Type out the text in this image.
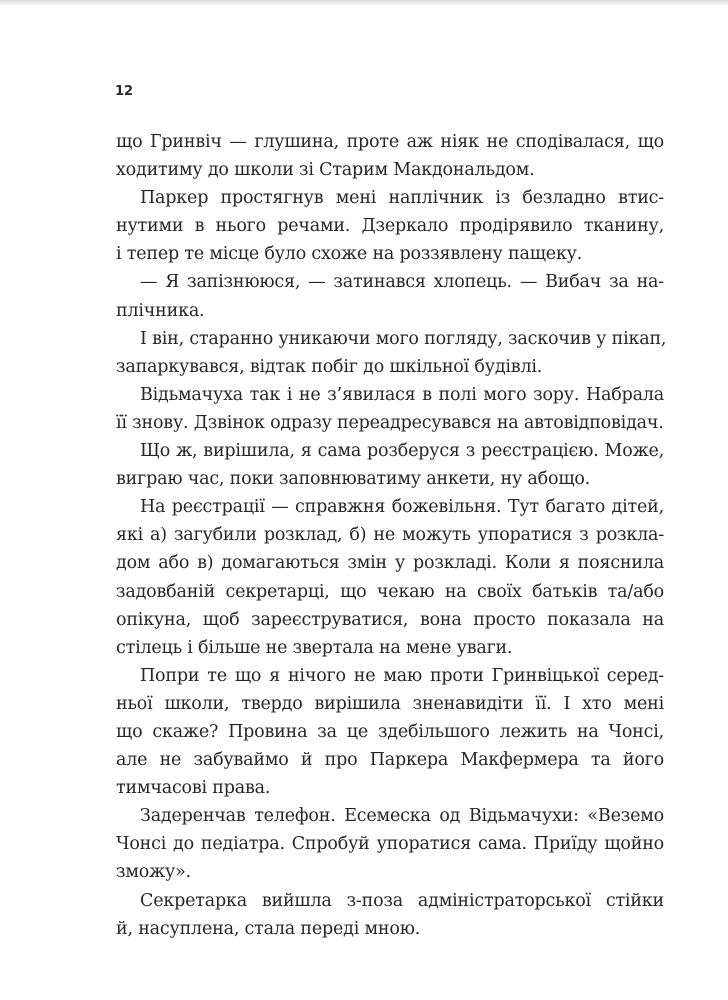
12
що Гринвіч — глушина, проте аж ніяк не сподівалася, що
ходитиму до школи зі Старим Макдональдом.
Паркер простягнув мені наплічник із безладно втис-
нутими в нього речами. Дзеркало продірявило тканину,
і тепер те місце було схоже на роззявлену пащеку.
— Я запізнююся, — затинався хлопець. — Вибач за на-
плічника.
І він, старанно уникаючи мого погляду, заскочив у пікап,
запаркувався, відтак побіг до шкільної будівлі.
Відьмачуха так і не з’явилася в полі мого зору. Набрала
її знову. Дзвінок одразу переадресувався на автовідповідач.
Що ж, вирішила, я сама розберуся з реєстрацією. Може,
виграю час, поки заповнюватиму анкети, ну абощо.
На реєстрації — справжня божевільня. Тут багато дітей,
які а) загубили розклад, б) не можуть упоратися з розкла-
дом або в) домагаються змін у розкладі. Коли я пояснила
задовбаній секретарці, що чекаю на своїх батьків та/або
опікуна, щоб зареєструватися, вона просто показала на
стілець і більше не звертала на мене уваги.
Попри те що я нічого не маю проти Гринвіцької серед-
ньої школи, твердо вирішила зненавидіти її. І хто мені
що скаже? Провина за це здебільшого лежить на Чонсі,
але не забуваймо й про Паркера Макфермера та його
тимчасові права.
Задеренчав телефон. Есемеска од Відьмачухи: «Веземо
Чонсі до педіатра. Спробуй упоратися сама. Приїду щойно
зможу».
Секретарка вийшла з-поза адміністраторської стійки
й, насуплена, стала переді мною.
